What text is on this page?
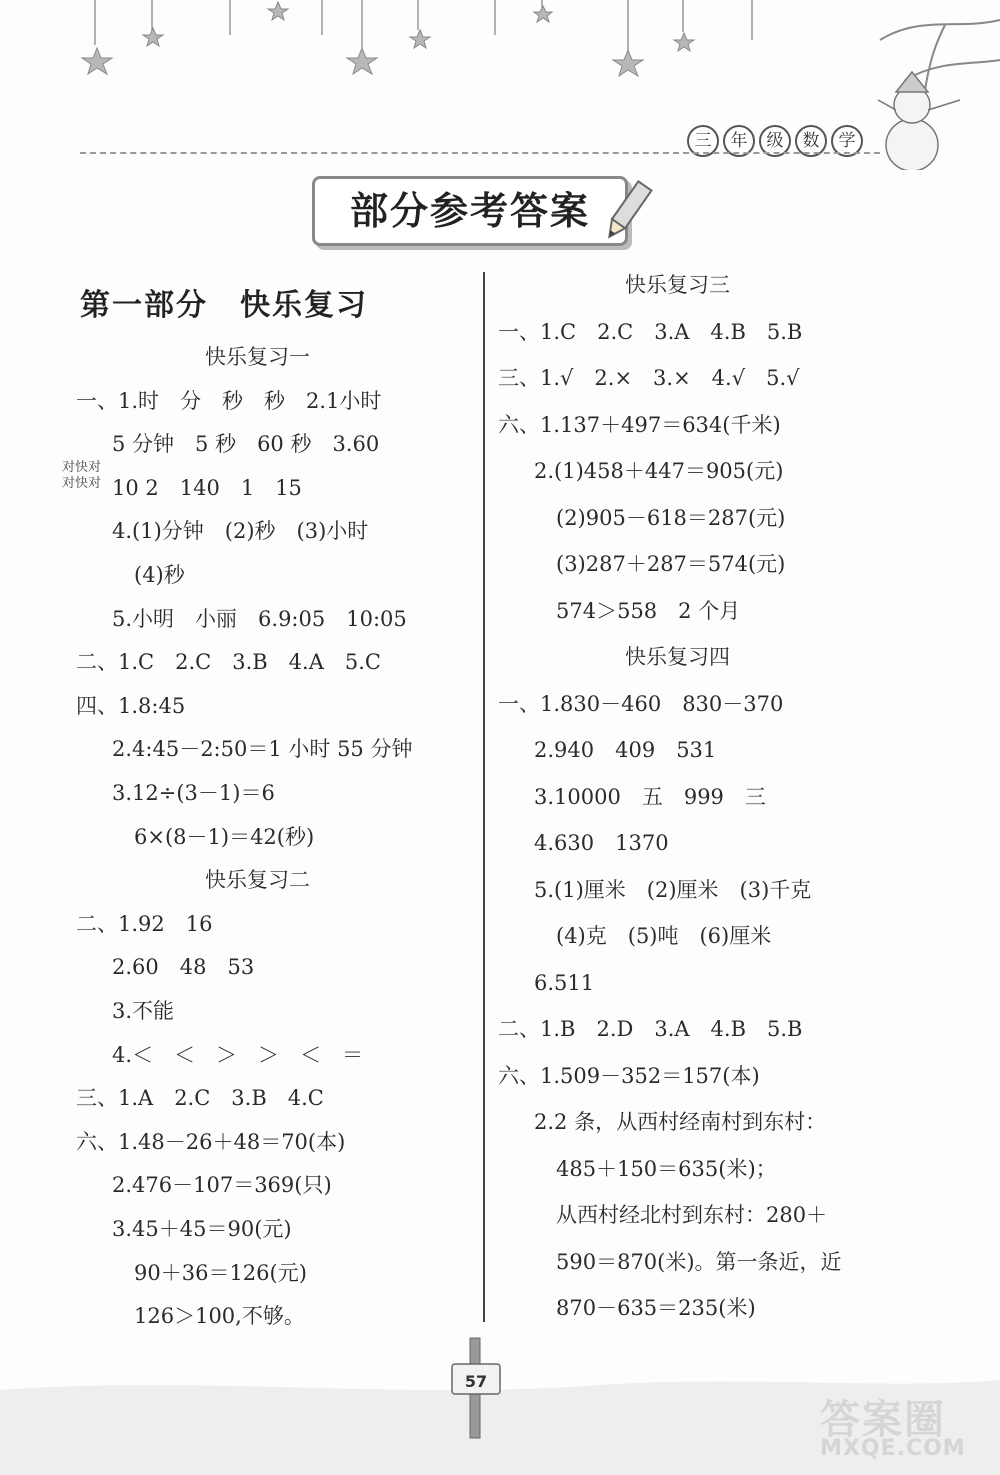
三	年	级	数	学
部分参考答案
第一部分　快乐复习
快乐复习一
一、1.时　分　秒　秒　2.1小时
5 分钟　5 秒　60 秒　3.60
10 2　140　1　15
4.(1)分钟　(2)秒　(3)小时
(4)秒
5.小明　小丽　6.9:05　10:05
二、1.C　2.C　3.B　4.A　5.C
四、1.8:45
2.4:45－2:50＝1 小时 55 分钟
3.12÷(3－1)＝6
6×(8－1)＝42(秒)
快乐复习二
二、1.92　16
2.60　48　53
3.不能
4.＜　＜　＞　＞　＜　＝
三、1.A　2.C　3.B　4.C
六、1.48－26＋48＝70(本)
2.476－107＝369(只)
3.45＋45＝90(元)
90＋36＝126(元)
126＞100,不够。
快乐复习三
一、1.C　2.C　3.A　4.B　5.B
三、1.√　2.×　3.×　4.√　5.√
六、1.137＋497＝634(千米)
2.(1)458＋447＝905(元)
(2)905－618＝287(元)
(3)287＋287＝574(元)
574＞558　2 个月
快乐复习四
一、1.830－460　830－370
2.940　409　531
3.10000　五　999　三
4.630　1370
5.(1)厘米　(2)厘米　(3)千克
(4)克　(5)吨　(6)厘米
6.511
二、1.B　2.D　3.A　4.B　5.B
六、1.509－352＝157(本)
2.2 条，从西村经南村到东村：
485＋150＝635(米)；
从西村经北村到东村：280＋
590＝870(米)。第一条近，近
870－635＝235(米)
对快对
对快对
57
答案圈
MXQE.COM
